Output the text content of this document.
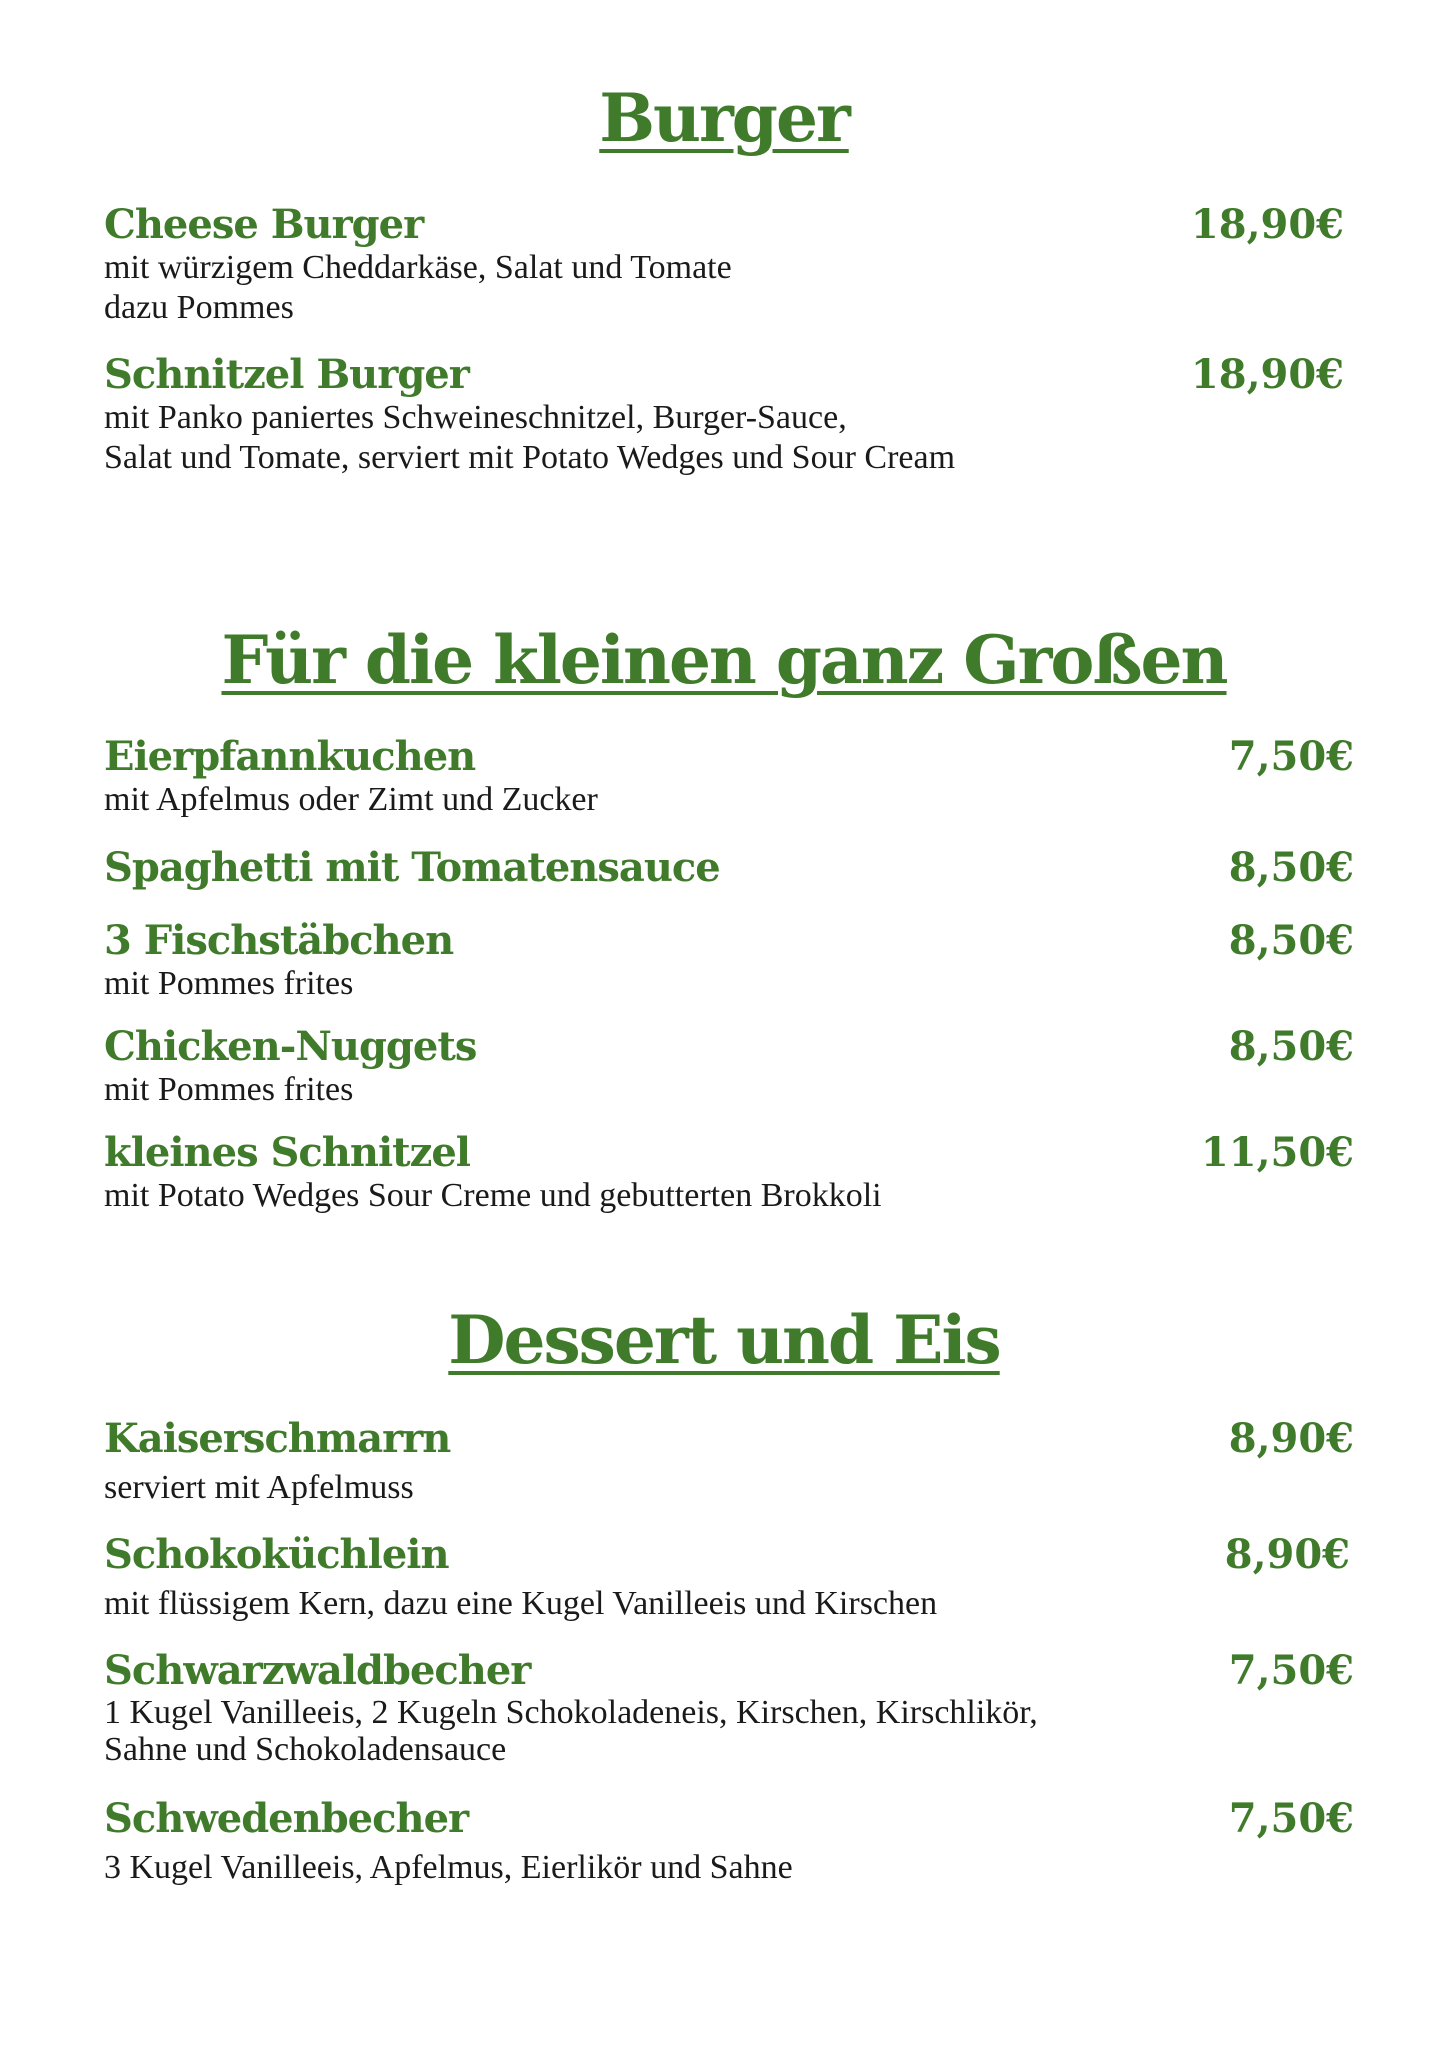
Burger
Cheese Burger	18,90€
mit würzigem Cheddarkäse, Salat und Tomate
dazu Pommes
Schnitzel Burger	18,90€
mit Panko paniertes Schweineschnitzel, Burger-Sauce,
Salat und Tomate, serviert mit Potato Wedges und Sour Cream
Für die kleinen ganz Großen
Eierpfannkuchen	7,50€
mit Apfelmus oder Zimt und Zucker
Spaghetti mit Tomatensauce	8,50€
3 Fischstäbchen	8,50€
mit Pommes frites
Chicken-Nuggets	8,50€
mit Pommes frites
kleines Schnitzel	11,50€
mit Potato Wedges Sour Creme und gebutterten Brokkoli
Dessert und Eis
Kaiserschmarrn	8,90€
serviert mit Apfelmuss
Schokoküchlein	8,90€
mit flüssigem Kern, dazu eine Kugel Vanilleeis und Kirschen
Schwarzwaldbecher	7,50€
1 Kugel Vanilleeis, 2 Kugeln Schokoladeneis, Kirschen, Kirschlikör,
Sahne und Schokoladensauce
Schwedenbecher	7,50€
3 Kugel Vanilleeis, Apfelmus, Eierlikör und Sahne
